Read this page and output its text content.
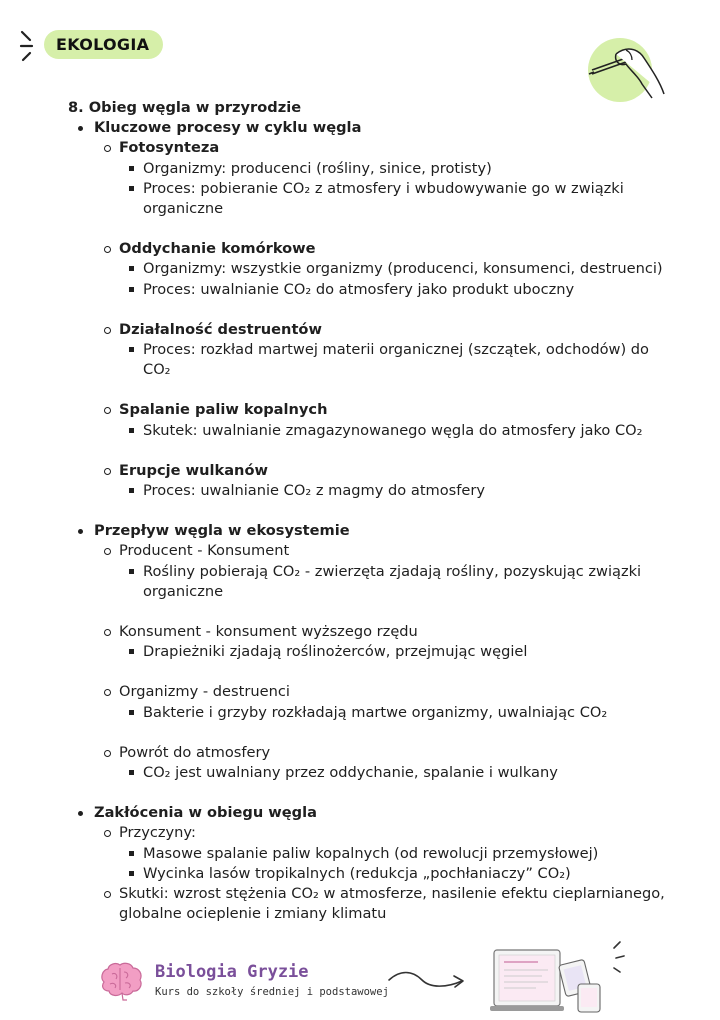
EKOLOGIA
8. Obieg węgla w przyrodzie
Kluczowe procesy w cyklu węgla
Fotosynteza
Organizmy: producenci (rośliny, sinice, protisty)
Proces: pobieranie CO₂ z atmosfery i wbudowywanie go w związki organiczne
Oddychanie komórkowe
Organizmy: wszystkie organizmy (producenci, konsumenci, destruenci)
Proces: uwalnianie CO₂ do atmosfery jako produkt uboczny
Działalność destruentów
Proces: rozkład martwej materii organicznej (szczątek, odchodów) do CO₂
Spalanie paliw kopalnych
Skutek: uwalnianie zmagazynowanego węgla do atmosfery jako CO₂
Erupcje wulkanów
Proces: uwalnianie CO₂ z magmy do atmosfery
Przepływ węgla w ekosystemie
Producent - Konsument
Rośliny pobierają CO₂ - zwierzęta zjadają rośliny, pozyskując związki organiczne
Konsument - konsument wyższego rzędu
Drapieżniki zjadają roślinożerców, przejmując węgiel
Organizmy - destruenci
Bakterie i grzyby rozkładają martwe organizmy, uwalniając CO₂
Powrót do atmosfery
CO₂ jest uwalniany przez oddychanie, spalanie i wulkany
Zakłócenia w obiegu węgla
Przyczyny:
Masowe spalanie paliw kopalnych (od rewolucji przemysłowej)
Wycinka lasów tropikalnych (redukcja „pochłaniaczy” CO₂)
Skutki: wzrost stężenia CO₂ w atmosferze, nasilenie efektu cieplarnianego, globalne ocieplenie i zmiany klimatu
Biologia Gryzie
Kurs do szkoły średniej i podstawowej
